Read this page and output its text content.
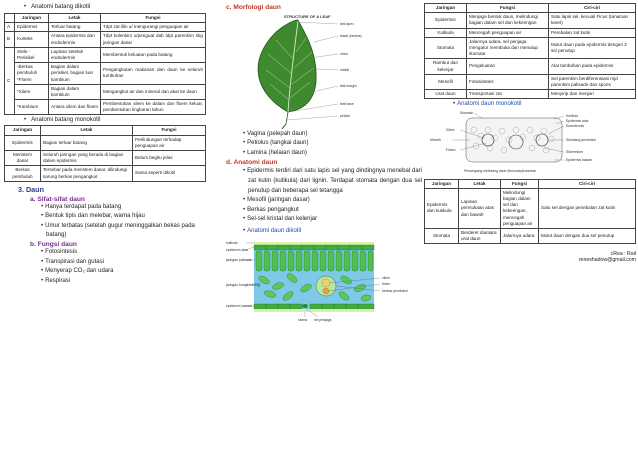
•
Anatomi batang dikotil
	Jaringan	Letak	Fungsi
A	Epidermis	Terluar batang	Tdpt zat lilin u/ mengurangi penguapan air
B	Korteks	Antara epidermis dan endodermis	Tdpt kolenkim u/penguat dab tdpt parenkim sbg jaringan dasar
C	Stele -Perisikel	Lapisan setelah endodermis	Membentuk keluatan pada batang
	-Berkas pembuluh *Floem	Bagian dalam perisikel, bagian luar kambium	Pengangkutan makanan dan daun ke seluruh tumbuhan
	*Xilem	Bagian dalam kambium	Mengangkut air dan mineral dan akar ke daun
	*Kambium	Antara xilem dan floem	Pembentukan xilem ke dalam dan floem keluar, pembentukan lingkaran tahun
•
Anatomi batang monokotil
Jaringan	Letak	Fungsi
Epidermis	Bagian terluar batang	Perlindungan terhadap penguapan air
Meristem dasar	Seluruh jaringan yang berada di bagian dalam epidermis	Belum begitu jelas
Berkas pembuluh	Tersebar pada meristem dasar, dilindungi sarung berkas pengangkut	Sama seperti dikotil
3. Daun
a. Sifat-sifat daun
• Hanya terdapat pada batang
• Bentuk tipis dan melebar, warna hijau
• Umur terbatas (setelah gugur meninggalkan bekas pada batang)
b. Fungsi daun
• Fotosintesis
• Transpirasi dan gutasi
• Menyerap CO₂ dan udara
• Respirasi
c. Morfologi daun
STRUCTURE OF A LEAF
blade (lamina)
veins
midrib
leaf margin
leaf apex
petiole
leaf base
• Vagina (pelepah daun)
• Petiolus (tangkai daun)
• Lamina (helaian daun)
d. Anatomi daun
• Epidermis terdiri dari satu lapis sel yang dindingnya menebal dari zat kutin (kutikula) dari lignin. Terdapat stomata dengan dua sel penutup dan beberapa sel tetangga
• Mesofil (jaringan dasar)
• Berkas pengangkut
• Sel-sel kristal dan kelenjar
• Anatomi daun dikotil
kutikula
epidermis atas
jaringan palisade
jaringan bunga karang
epidermis bawah
stoma sel penjaga
xilem
floem
berkas pembuluh
Jaringan	Fungsi	Ciri-ciri
Epidermis	Menjaga bentuk daun, melindungi bagian dalam sel dan kekeringan	Satu lapis sel, kecuali Ficus (tanaman karet)
Kutikula	Mencegah penguapan air	Perebalan zat kutin
Stomata	Jalannya udara, sel penjaga mengatur membuka dan menutup stomata	Mulut daun pada epidermis dengan 2 sel penutup
Rambut dan kelenjar	Pengeluaran	Alat tambahan pada epidermis
Mesofil	Fotosintesis	Sel parenkim berdiferensiasi mjd parenkim palisade dan spons
Urat daun	Transportasi zat	Menyirip dan menjari
• Anatomi daun monokotil
Stomata
Kutikula
Epidermis atas
Endodermis
Mesofil
Xilem
Floem
Seludang pembuluh
Sklerenkim
Epidermis bawah
Penampang melintang daun Monocotyledoneae
Jaringan	Letak	Fungsi	Ciri-ciri
Epidermis dan kutikula	Lapisan permukaan atas dan bawah	Melindungi bagian dalam sel dan kekeringan, mencegah penguapan air	Satu sel dengan penebalan zat kutin
Stomata	Berderet diantara urat daun	Jalannya udara	Mulut daun dengan dua sel penutup
cRea : Rail
reneshadow@gmail.com
